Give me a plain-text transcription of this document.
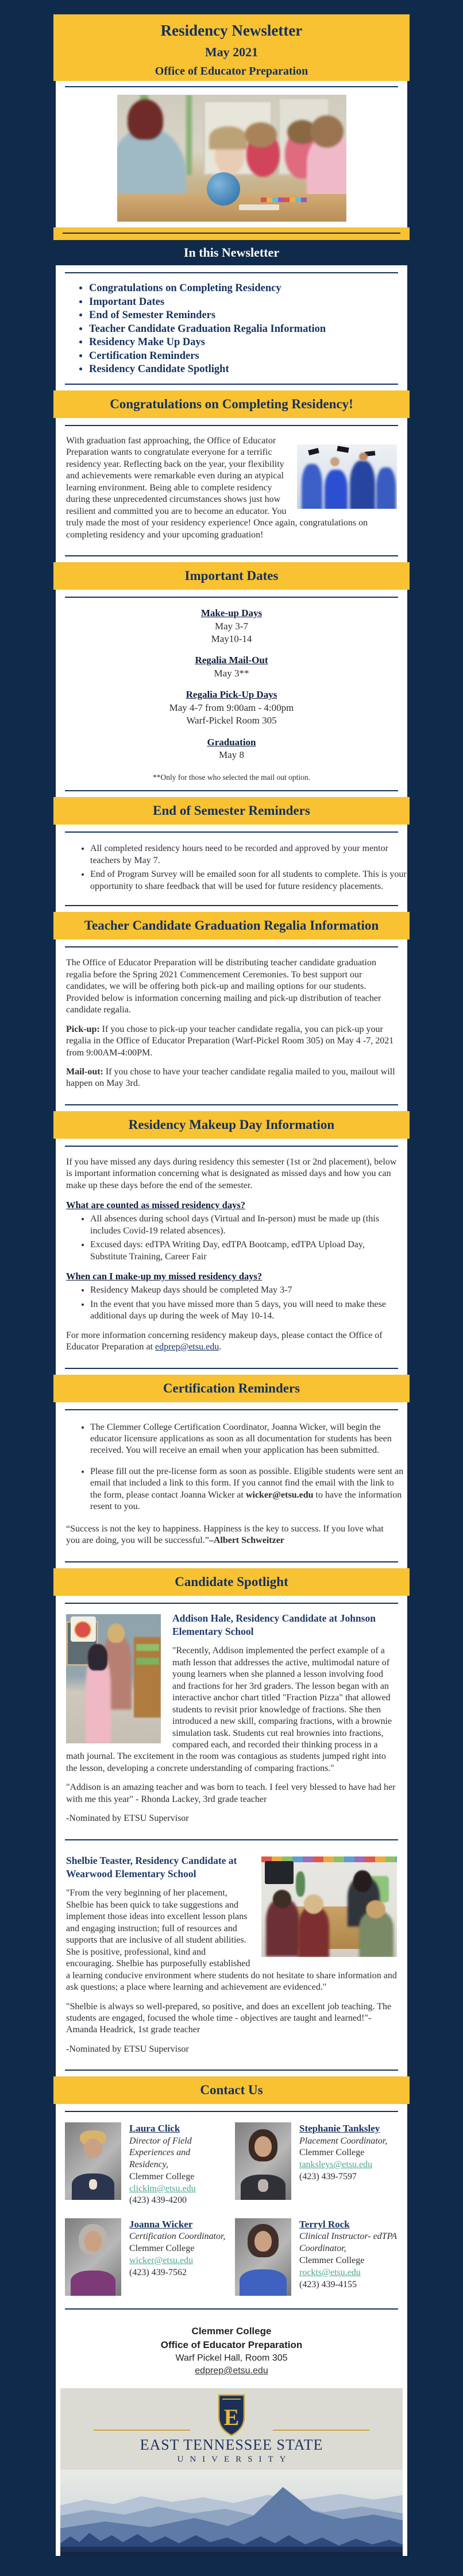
Residency Newsletter
May 2021
Office of Educator Preparation
In this Newsletter
• Congratulations on Completing Residency
• Important Dates
• End of Semester Reminders
• Teacher Candidate Graduation Regalia Information
• Residency Make Up Days
• Certification Reminders
• Residency Candidate Spotlight
Congratulations on Completing Residency!

With graduation fast approaching, the Office of Educator Preparation wants to congratulate everyone for a terrific residency year. Reflecting back on the year, your flexibility and achievements were remarkable even during an atypical learning environment. Being able to complete residency during these unprecedented circumstances shows just how resilient and committed you are to become an educator. You truly made the most of your residency experience! Once again, congratulations on completing residency and your upcoming graduation!

Important Dates
Make-up Days
May 3-7
May10-14
Regalia Mail-Out
May 3**
Regalia Pick-Up Days
May 4-7 from 9:00am - 4:00pm
Warf-Pickel Room 305
Graduation
May 8
**Only for those who selected the mail out option.
End of Semester Reminders
• All completed residency hours need to be recorded and approved by your mentor teachers by May 7.
• End of Program Survey will be emailed soon for all students to complete. This is your opportunity to share feedback that will be used for future residency placements.
Teacher Candidate Graduation Regalia Information

The Office of Educator Preparation will be distributing teacher candidate graduation regalia before the Spring 2021 Commencement Ceremonies. To best support our candidates, we will be offering both pick-up and mailing options for our students. Provided below is information concerning mailing and pick-up distribution of teacher candidate regalia.

Pick-up: If you chose to pick-up your teacher candidate regalia, you can pick-up your regalia in the Office of Educator Preparation (Warf-Pickel Room 305) on May 4 -7, 2021 from 9:00AM-4:00PM.

Mail-out: If you chose to have your teacher candidate regalia mailed to you, mailout will happen on May 3rd.

Residency Makeup Day Information

If you have missed any days during residency this semester (1st or 2nd placement), below is important information concerning what is designated as missed days and how you can make up these days before the end of the semester.

What are counted as missed residency days?
• All absences during school days (Virtual and In-person) must be made up (this includes Covid-19 related absences).
• Excused days: edTPA Writing Day, edTPA Bootcamp, edTPA Upload Day, Substitute Training, Career Fair
When can I make-up my missed residency days?
• Residency Makeup days should be completed May 3-7
• In the event that you have missed more than 5 days, you will need to make these additional days up during the week of May 10-14.

For more information concerning residency makeup days, please contact the Office of Educator Preparation at edprep@etsu.edu.

Certification Reminders
• The Clemmer College Certification Coordinator, Joanna Wicker, will begin the educator licensure applications as soon as all documentation for students has been received. You will receive an email when your application has been submitted.
• Please fill out the pre-license form as soon as possible. Eligible students were sent an email that included a link to this form. If you cannot find the email with the link to the form, please contact Joanna Wicker at wicker@etsu.edu to have the information resent to you.

“Success is not the key to happiness. Happiness is the key to success. If you love what you are doing, you will be successful.”–Albert Schweitzer

Candidate Spotlight
Addison Hale, Residency Candidate at Johnson Elementary School

"Recently, Addison implemented the perfect example of a math lesson that addresses the active, multimodal nature of young learners when she planned a lesson involving food and fractions for her 3rd graders. The lesson began with an interactive anchor chart titled "Fraction Pizza" that allowed students to revisit prior knowledge of fractions. She then introduced a new skill, comparing fractions, with a brownie simulation task. Students cut real brownies into fractions, compared each, and recorded their thinking process in a math journal. The excitement in the room was contagious as students jumped right into the lesson, developing a concrete understanding of comparing fractions."

"Addison is an amazing teacher and was born to teach. I feel very blessed to have had her with me this year" - Rhonda Lackey, 3rd grade teacher

-Nominated by ETSU Supervisor

Shelbie Teaster, Residency Candidate at Wearwood Elementary School

"From the very beginning of her placement, Shelbie has been quick to take suggestions and implement those ideas into excellent lesson plans and engaging instruction; full of resources and supports that are inclusive of all student abilities. She is positive, professional, kind and encouraging. Shelbie has purposefully established a learning conducive environment where students do not hesitate to share information and ask questions; a place where learning and achievement are evidenced."

"Shelbie is always so well-prepared, so positive, and does an excellent job teaching. The students are engaged, focused the whole time - objectives are taught and learned!"- Amanda Headrick, 1st grade teacher

-Nominated by ETSU Supervisor

Contact Us
Laura Click
Director of Field Experiences and Residency,
Clemmer College
clicklm@etsu.edu
(423) 439-4200
Stephanie Tanksley
Placement Coordinator,
Clemmer College
tanksleys@etsu.edu
(423) 439-7597
Joanna Wicker
Certification Coordinator,
Clemmer College
wicker@etsu.edu
(423) 439-7562
Terryl Rock
Clinical Instructor- edTPA Coordinator,
Clemmer College
rockts@etsu.edu
(423) 439-4155
Clemmer College
Office of Educator Preparation
Warf Pickel Hall, Room 305
edprep@etsu.edu
E
EAST TENNESSEE STATE
UNIVERSITY
